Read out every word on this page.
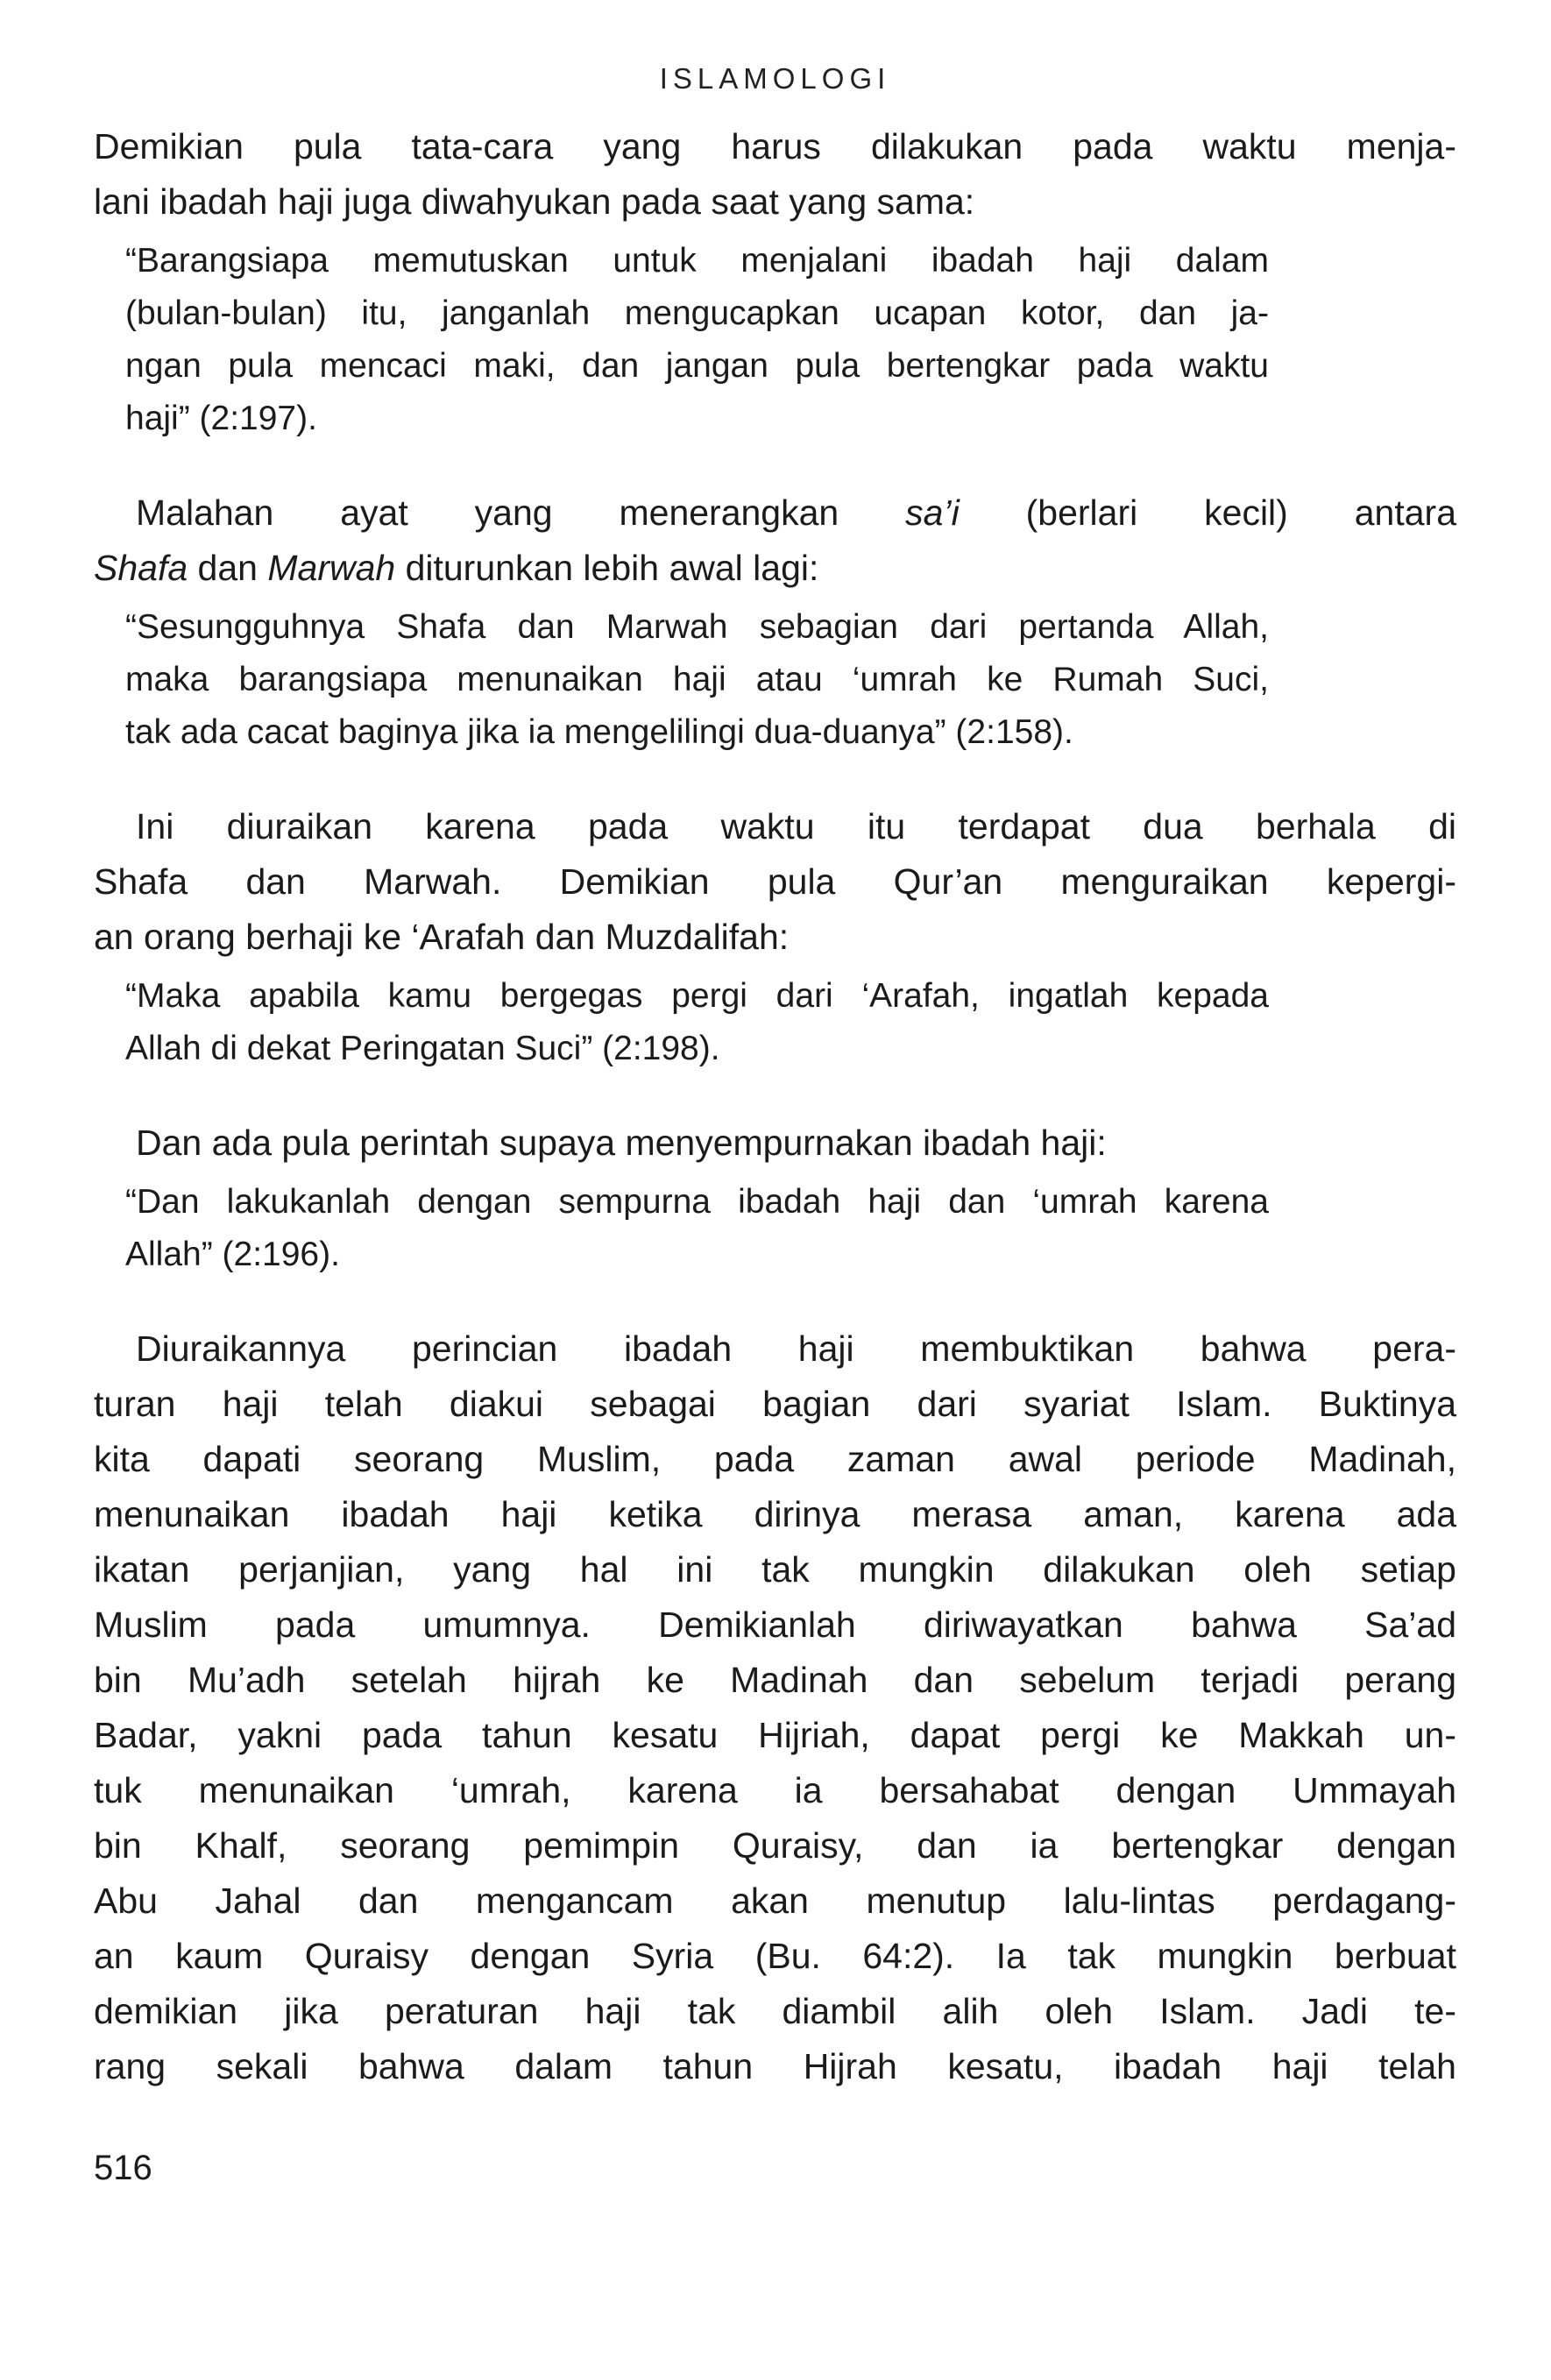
ISLAMOLOGI
Demikian pula tata-cara yang harus dilakukan pada waktu menja-
lani ibadah haji juga diwahyukan pada saat yang sama:
“Barangsiapa memutuskan untuk menjalani ibadah haji dalam
(bulan-bulan) itu, janganlah mengucapkan ucapan kotor, dan ja-
ngan pula mencaci maki, dan jangan pula bertengkar pada waktu
haji” (2:197).
Malahan ayat yang menerangkan sa’i (berlari kecil) antara
Shafa dan Marwah diturunkan lebih awal lagi:
“Sesungguhnya Shafa dan Marwah sebagian dari pertanda Allah,
maka barangsiapa menunaikan haji atau ‘umrah ke Rumah Suci,
tak ada cacat baginya jika ia mengelilingi dua-duanya” (2:158).
Ini diuraikan karena pada waktu itu terdapat dua berhala di
Shafa dan Marwah. Demikian pula Qur’an menguraikan kepergi-
an orang berhaji ke ‘Arafah dan Muzdalifah:
“Maka apabila kamu bergegas pergi dari ‘Arafah, ingatlah kepada
Allah di dekat Peringatan Suci” (2:198).
Dan ada pula perintah supaya menyempurnakan ibadah haji:
“Dan lakukanlah dengan sempurna ibadah haji dan ‘umrah karena
Allah” (2:196).
Diuraikannya perincian ibadah haji membuktikan bahwa pera-
turan haji telah diakui sebagai bagian dari syariat Islam. Buktinya
kita dapati seorang Muslim, pada zaman awal periode Madinah,
menunaikan ibadah haji ketika dirinya merasa aman, karena ada
ikatan perjanjian, yang hal ini tak mungkin dilakukan oleh setiap
Muslim pada umumnya. Demikianlah diriwayatkan bahwa Sa’ad
bin Mu’adh setelah hijrah ke Madinah dan sebelum terjadi perang
Badar, yakni pada tahun kesatu Hijriah, dapat pergi ke Makkah un-
tuk menunaikan ‘umrah, karena ia bersahabat dengan Ummayah
bin Khalf, seorang pemimpin Quraisy, dan ia bertengkar dengan
Abu Jahal dan mengancam akan menutup lalu-lintas perdagang-
an kaum Quraisy dengan Syria (Bu. 64:2). Ia tak mungkin berbuat
demikian jika peraturan haji tak diambil alih oleh Islam. Jadi te-
rang sekali bahwa dalam tahun Hijrah kesatu, ibadah haji telah
516
